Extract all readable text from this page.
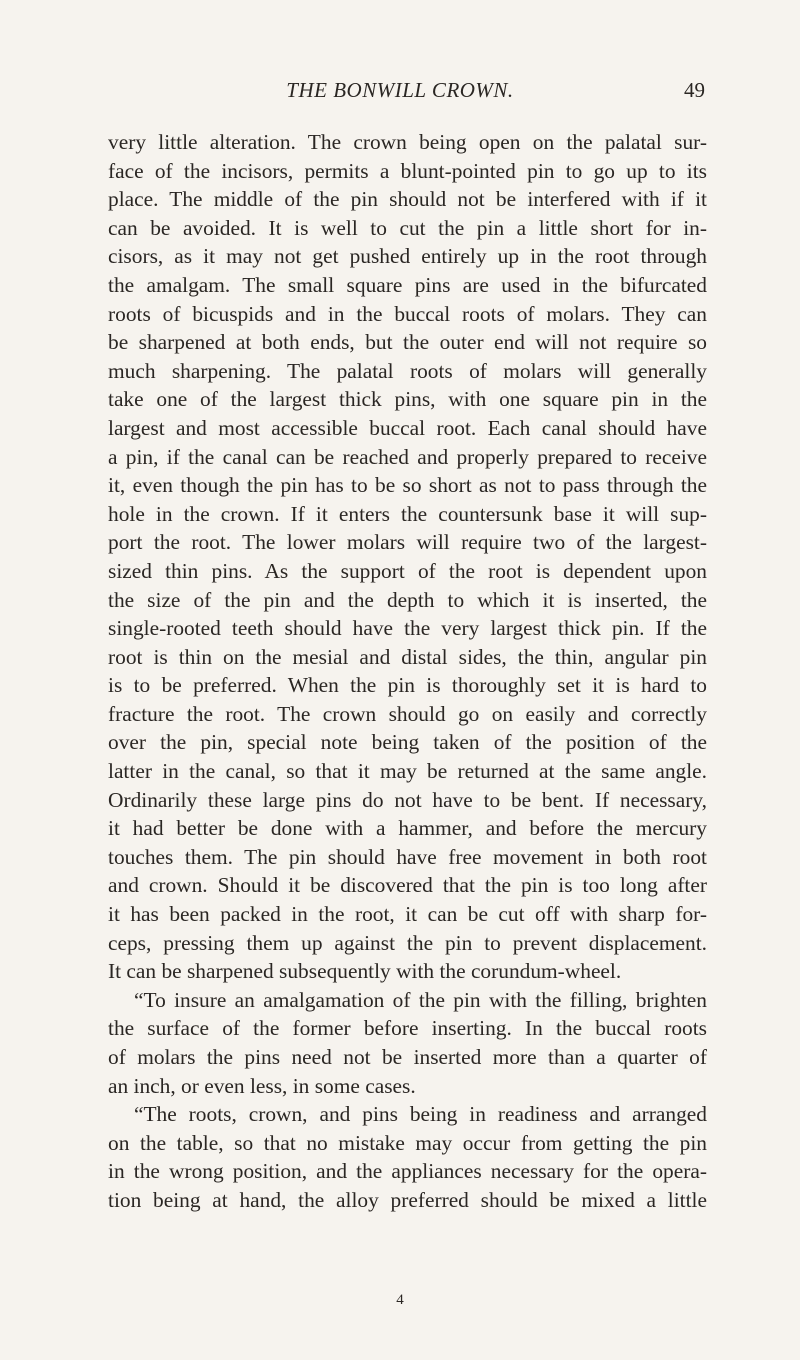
THE BONWILL CROWN.	49
very little alteration. The crown being open on the palatal sur-
face of the incisors, permits a blunt-pointed pin to go up to its
place. The middle of the pin should not be interfered with if it
can be avoided. It is well to cut the pin a little short for in-
cisors, as it may not get pushed entirely up in the root through
the amalgam. The small square pins are used in the bifurcated
roots of bicuspids and in the buccal roots of molars. They can
be sharpened at both ends, but the outer end will not require so
much sharpening. The palatal roots of molars will generally
take one of the largest thick pins, with one square pin in the
largest and most accessible buccal root. Each canal should have
a pin, if the canal can be reached and properly prepared to receive
it, even though the pin has to be so short as not to pass through the
hole in the crown. If it enters the countersunk base it will sup-
port the root. The lower molars will require two of the largest-
sized thin pins. As the support of the root is dependent upon
the size of the pin and the depth to which it is inserted, the
single-rooted teeth should have the very largest thick pin. If the
root is thin on the mesial and distal sides, the thin, angular pin
is to be preferred. When the pin is thoroughly set it is hard to
fracture the root. The crown should go on easily and correctly
over the pin, special note being taken of the position of the
latter in the canal, so that it may be returned at the same angle.
Ordinarily these large pins do not have to be bent. If necessary,
it had better be done with a hammer, and before the mercury
touches them. The pin should have free movement in both root
and crown. Should it be discovered that the pin is too long after
it has been packed in the root, it can be cut off with sharp for-
ceps, pressing them up against the pin to prevent displacement.
It can be sharpened subsequently with the corundum-wheel.
“To insure an amalgamation of the pin with the filling, brighten
the surface of the former before inserting. In the buccal roots
of molars the pins need not be inserted more than a quarter of
an inch, or even less, in some cases.
“The roots, crown, and pins being in readiness and arranged
on the table, so that no mistake may occur from getting the pin
in the wrong position, and the appliances necessary for the opera-
tion being at hand, the alloy preferred should be mixed a little
4
